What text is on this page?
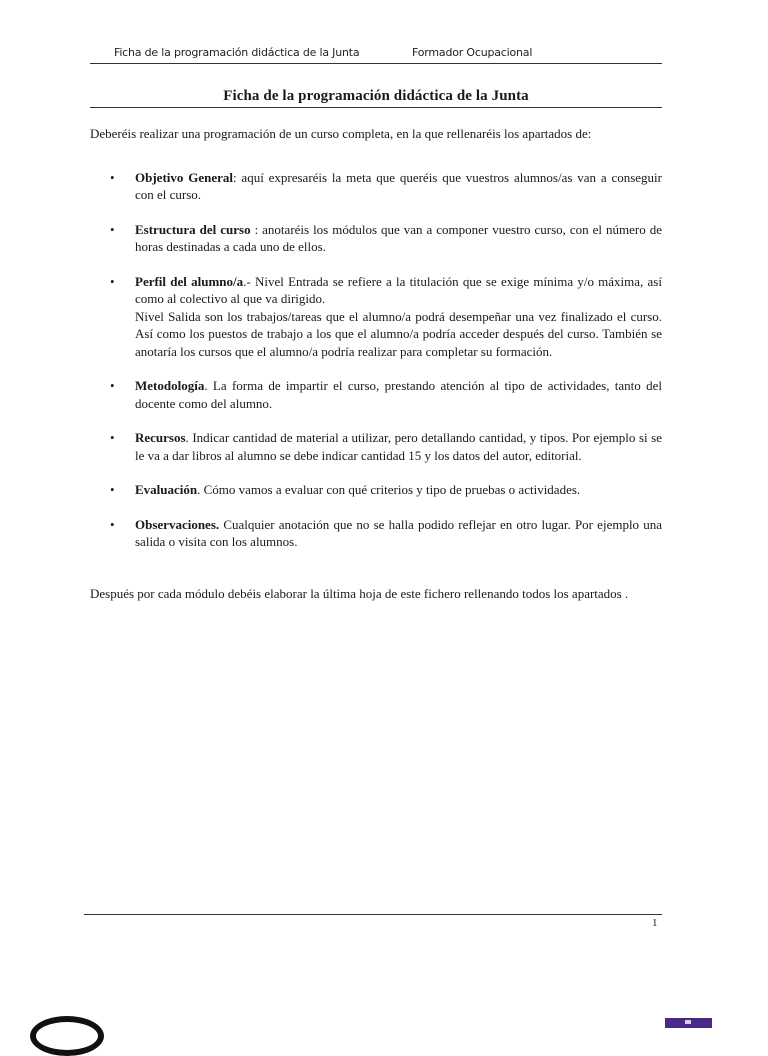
Ficha de la programación didáctica de la Junta	Formador Ocupacional
Ficha de la programación didáctica de la Junta

Deberéis realizar una programación de un curso completa, en la que rellenaréis los apartados de:

• Objetivo General: aquí expresaréis la meta que queréis que vuestros alumnos/as van a conseguir con el curso.
• Estructura del curso : anotaréis los módulos que van a componer vuestro curso, con el número de horas destinadas a cada uno de ellos.
• Perfil del alumno/a.- Nivel Entrada se refiere a la titulación que se exige mínima y/o máxima, así como al colectivo al que va dirigido.
Nivel Salida son los trabajos/tareas que el alumno/a podrá desempeñar una vez finalizado el curso. Así como los puestos de trabajo a los que el alumno/a podría acceder después del curso. También se anotaría los cursos que el alumno/a podría realizar para completar su formación.
• Metodología. La forma de impartir el curso, prestando atención al tipo de actividades, tanto del docente como del alumno.
• Recursos. Indicar cantidad de material a utilizar, pero detallando cantidad, y tipos. Por ejemplo si se le va a dar libros al alumno se debe indicar cantidad 15 y los datos del autor, editorial.
• Evaluación. Cómo vamos a evaluar con qué criterios y tipo de pruebas o actividades.
• Observaciones. Cualquier anotación que no se halla podido reflejar en otro lugar. Por ejemplo una salida o visita con los alumnos.

Después por cada módulo debéis elaborar la última hoja de este fichero rellenando todos los apartados .

1
